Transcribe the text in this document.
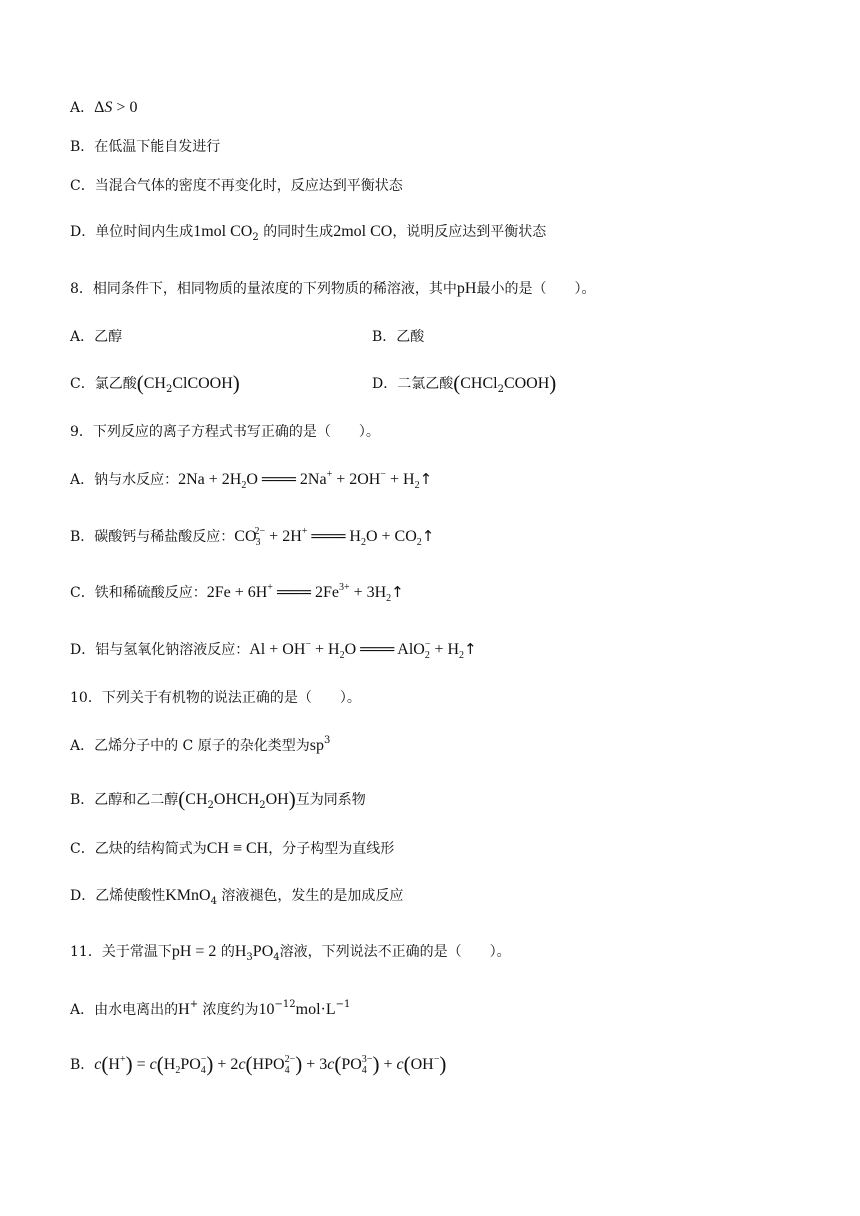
A．ΔS > 0
B．在低温下能自发进行
C．当混合气体的密度不再变化时，反应达到平衡状态
D．单位时间内生成1mol $CO_2$ 的同时生成2mol CO，说明反应达到平衡状态
8．相同条件下，相同物质的量浓度的下列物质的稀溶液，其中pH最小的是（　　）。
A．乙醇	B．乙酸
C．氯乙酸$(CH_2ClCOOH)$	D．二氯乙酸(CHCl$_2$COOH)
9．下列反应的离子方程式书写正确的是（　　）。
A．钠与水反应：$2Na + 2H_2O$ ═══ $2Na^+ + 2OH^- + H_2↑$
B．碳酸钙与稀盐酸反应：$CO_3^{2-} + 2H^+$ ═══ $H_2O$ + $CO_2↑$
C．铁和稀硫酸反应：2Fe + 6H+ ═══ $2Fe^{3+}$ + $3H_2↑$
D．铝与氢氧化钠溶液反应：$Al + OH^- + H_2O$ ═══ $AlO_2^- + H_2↑$
10．下列关于有机物的说法正确的是（　　）。
A．乙烯分子中的 C 原子的杂化类型为$sp^3$
B．乙醇和乙二醇$(CH_2OHCH_2OH)$互为同系物
C．乙炔的结构简式为CH ≡ CH，分子构型为直线形
D．乙烯使酸性KMnO$_4$ 溶液褪色，发生的是加成反应
11．关于常温下pH = 2 的$H_3PO_4$溶液，下列说法不正确的是（　　）。
A．由水电离出的H+ 浓度约为$10^{-12}mol\cdot L^{-1}$
B．$c(H^+) = c(H_2PO_4^-) + 2c(HPO_4^{2-}) + 3c(PO_4^{3-}) + c(OH^-)$
